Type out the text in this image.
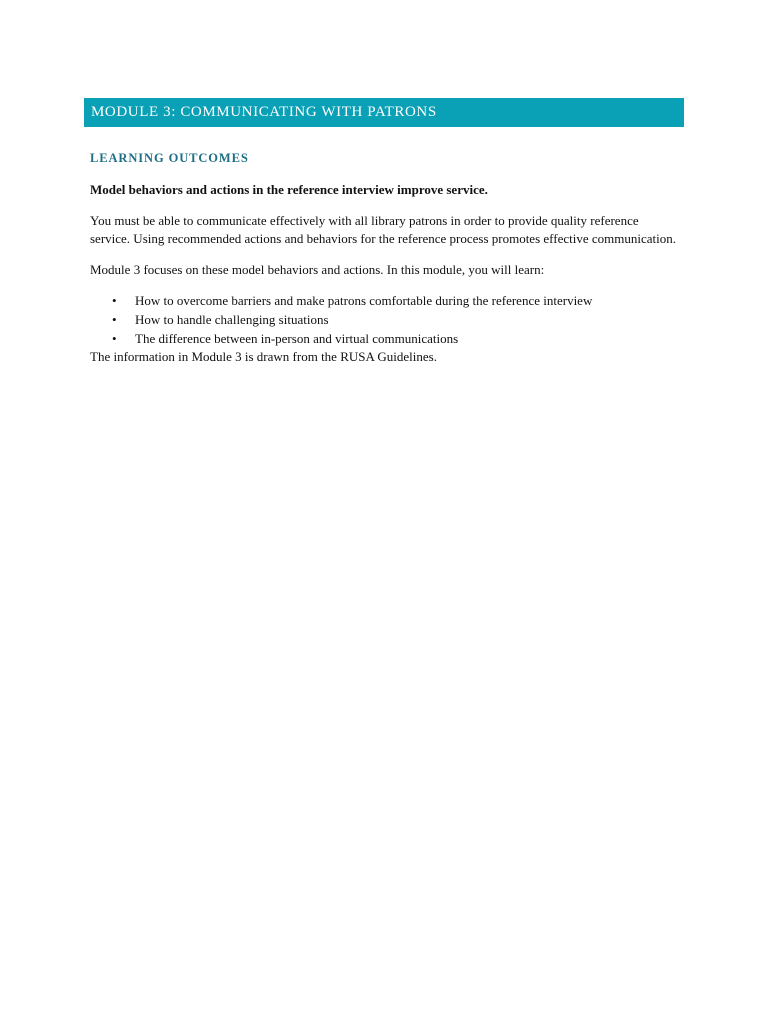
MODULE 3: COMMUNICATING WITH PATRONS
LEARNING OUTCOMES

Model behaviors and actions in the reference interview improve service.

You must be able to communicate effectively with all library patrons in order to provide quality reference service. Using recommended actions and behaviors for the reference process promotes effective communication.

Module 3 focuses on these model behaviors and actions. In this module, you will learn:

• How to overcome barriers and make patrons comfortable during the reference interview
• How to handle challenging situations
• The difference between in-person and virtual communications

The information in Module 3 is drawn from the RUSA Guidelines.
